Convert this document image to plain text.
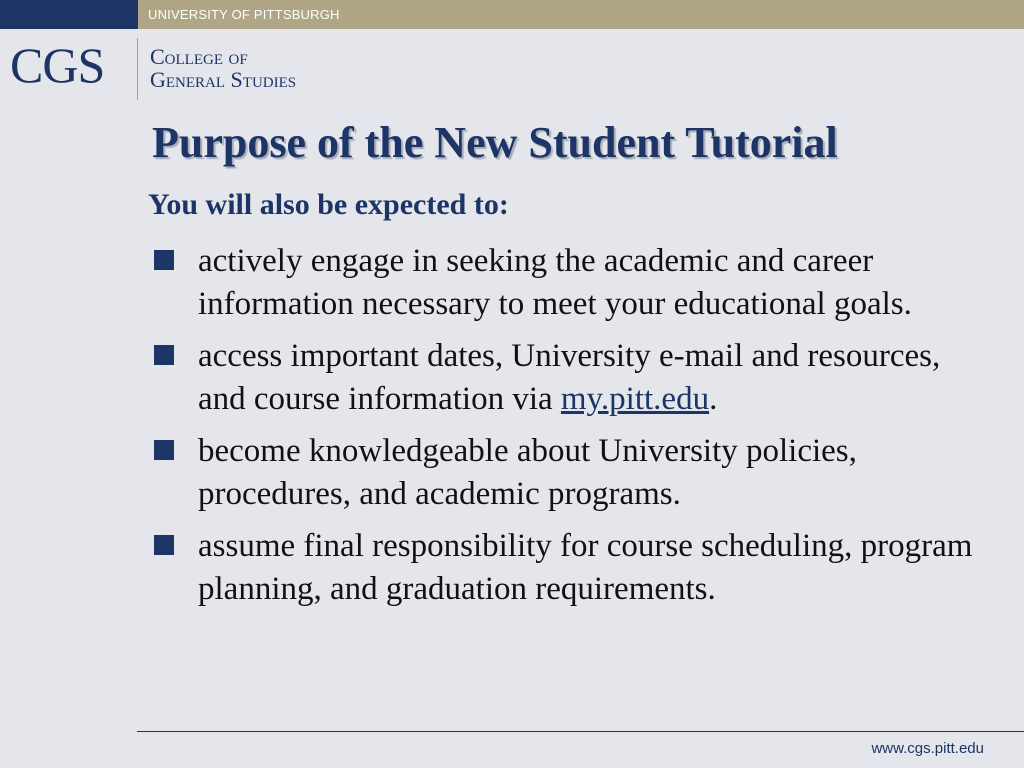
UNIVERSITY OF PITTSBURGH
CGS College of
General Studies
Purpose of the New Student Tutorial
You will also be expected to:
actively engage in seeking the academic and career information necessary to meet your educational goals.
access important dates, University e-mail and resources, and course information via my.pitt.edu.
become knowledgeable about University policies, procedures, and academic programs.
assume final responsibility for course scheduling, program planning, and graduation requirements.
www.cgs.pitt.edu
